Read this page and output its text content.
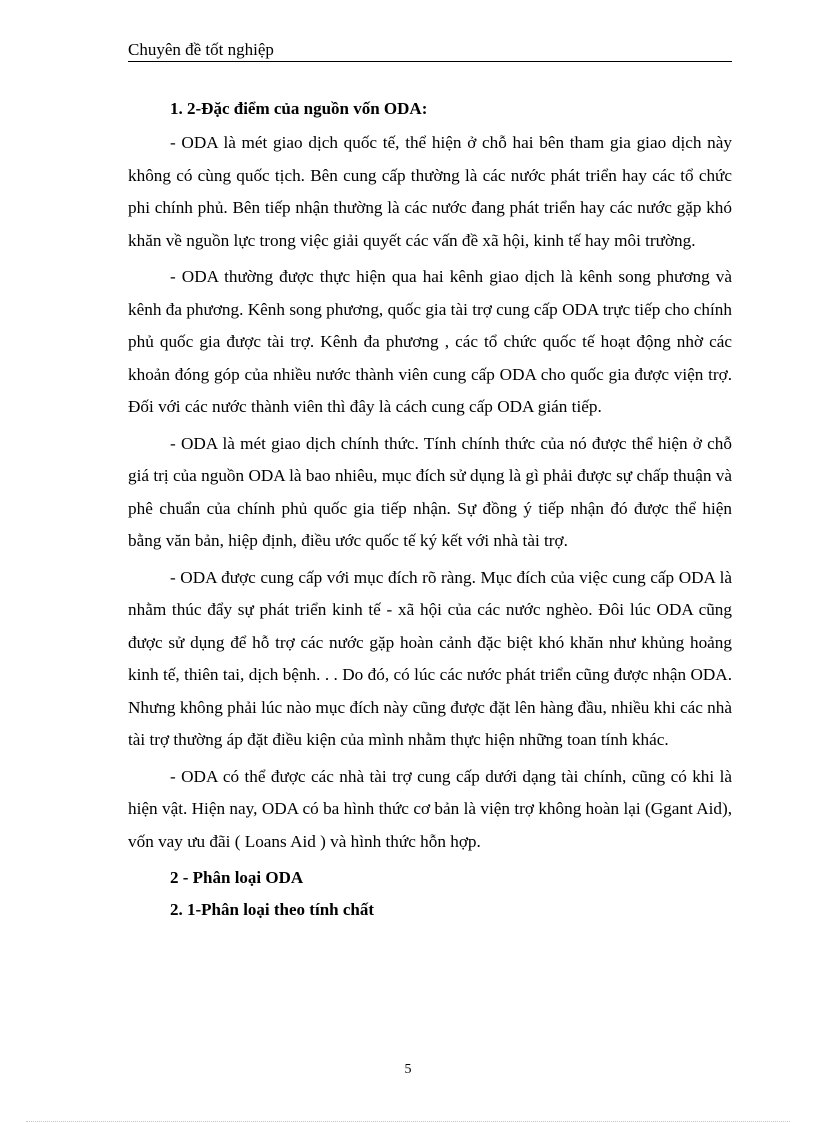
Chuyên đề tốt nghiệp

1. 2-Đặc điểm của nguồn vốn ODA:

- ODA là mét giao dịch quốc tế, thể hiện ở chỗ hai bên tham gia giao dịch này không có cùng quốc tịch. Bên cung cấp thường là các nước phát triển hay các tổ chức phi chính phủ. Bên tiếp nhận thường là các nước đang phát triển hay các nước gặp khó khăn về nguồn lực trong việc giải quyết các vấn đề xã hội, kinh tế hay môi trường.

- ODA thường được thực hiện qua hai kênh giao dịch là kênh song phương và kênh đa phương. Kênh song phương, quốc gia tài trợ cung cấp ODA trực tiếp cho chính phủ quốc gia được tài trợ. Kênh đa phương , các tổ chức quốc tế hoạt động nhờ các khoản đóng góp của nhiều nước thành viên cung cấp ODA cho quốc gia được viện trợ. Đối với các nước thành viên thì đây là cách cung cấp ODA gián tiếp.

- ODA là mét giao dịch chính thức. Tính chính thức của nó được thể hiện ở chỗ giá trị của nguồn ODA là bao nhiêu, mục đích sử dụng là gì phải được sự chấp thuận và phê chuẩn của chính phủ quốc gia tiếp nhận. Sự đồng ý tiếp nhận đó được thể hiện bằng văn bản, hiệp định, điều ước quốc tế ký kết với nhà tài trợ.

- ODA được cung cấp với mục đích rõ ràng. Mục đích của việc cung cấp ODA là nhằm thúc đẩy sự phát triển kinh tế - xã hội của các nước nghèo. Đôi lúc ODA cũng được sử dụng để hỗ trợ các nước gặp hoàn cảnh đặc biệt khó khăn như khủng hoảng kinh tế, thiên tai, dịch bệnh. . . Do đó, có lúc các nước phát triển cũng được nhận ODA. Nhưng không phải lúc nào mục đích này cũng được đặt lên hàng đầu, nhiều khi các nhà tài trợ thường áp đặt điều kiện của mình nhằm thực hiện những toan tính khác.

- ODA có thể được các nhà tài trợ cung cấp dưới dạng tài chính, cũng có khi là hiện vật. Hiện nay, ODA có ba hình thức cơ bản là viện trợ không hoàn lại (Ggant Aid), vốn vay ưu đãi ( Loans Aid ) và hình thức hỗn hợp.

2 - Phân loại ODA

2. 1-Phân loại theo tính chất

5
